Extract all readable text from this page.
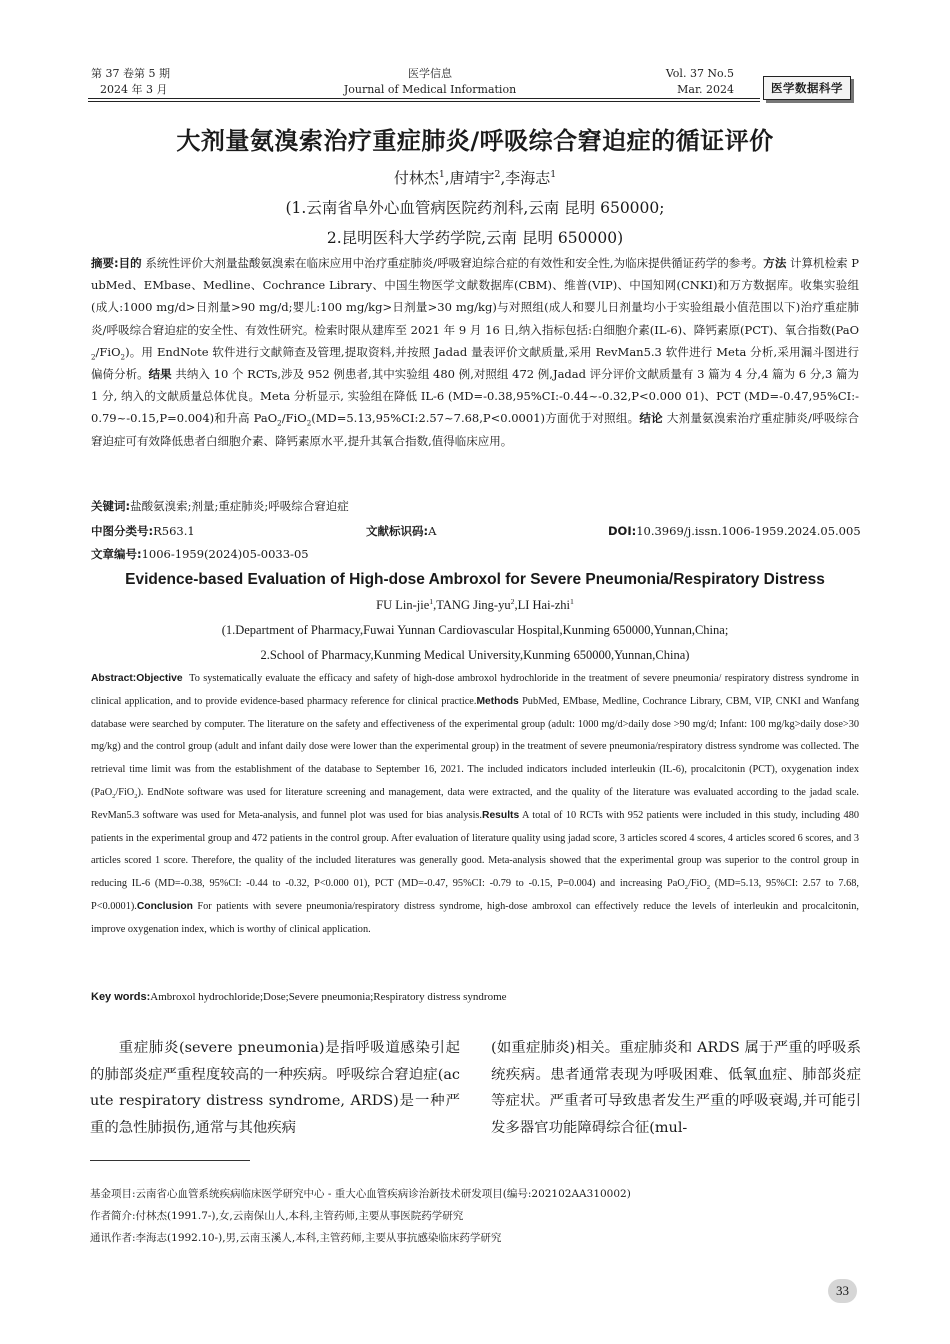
第 37 卷第 5 期
2024 年 3 月
医学信息
Journal of Medical Information
Vol. 37 No.5
Mar. 2024	医学数据科学
大剂量氨溴索治疗重症肺炎/呼吸综合窘迫症的循证评价
付林杰$^1$,唐靖宇$^2$,李海志$^1$
(1.云南省阜外心血管病医院药剂科,云南 昆明 650000;
2.昆明医科大学药学院,云南 昆明 650000)

摘要:目的 系统性评价大剂量盐酸氨溴索在临床应用中治疗重症肺炎/呼吸窘迫综合症的有效性和安全性,为临床提供循证药学的参考。方法 计算机检索 PubMed、EMbase、Medline、Cochrance Library、中国生物医学文献数据库(CBM)、维普(VIP)、中国知网(CNKI)和万方数据库。收集实验组(成人:1000 mg/d>日剂量>90 mg/d;婴儿:100 mg/kg>日剂量>30 mg/kg)与对照组(成人和婴儿日剂量均小于实验组最小值范围以下)治疗重症肺炎/呼吸综合窘迫症的安全性、有效性研究。检索时限从建库至 2021 年 9 月 16 日,纳入指标包括:白细胞介素(IL-6)、降钙素原(PCT)、氧合指数(PaO$_2$/FiO$_2$)。用 EndNote 软件进行文献筛查及管理,提取资料,并按照 Jadad 量表评价文献质量,采用 RevMan5.3 软件进行 Meta 分析,采用漏斗图进行偏倚分析。结果 共纳入 10 个 RCTs,涉及 952 例患者,其中实验组 480 例,对照组 472 例,Jadad 评分评价文献质量有 3 篇为 4 分,4 篇为 6 分,3 篇为 1 分, 纳入的文献质量总体优良。Meta 分析显示, 实验组在降低 IL-6 (MD=-0.38,95%CI:-0.44~-0.32,P<0.000 01)、PCT (MD=-0.47,95%CI:-0.79~-0.15,P=0.004)和升高 PaO$_2$/FiO$_2$(MD=5.13,95%CI:2.57~7.68,P<0.0001)方面优于对照组。结论 大剂量氨溴索治疗重症肺炎/呼吸综合窘迫症可有效降低患者白细胞介素、降钙素原水平,提升其氧合指数,值得临床应用。

关键词:盐酸氨溴索;剂量;重症肺炎;呼吸综合窘迫症
中图分类号:R563.1	文献标识码:A	DOI:10.3969/j.issn.1006-1959.2024.05.005
文章编号:1006-1959(2024)05-0033-05
Evidence-based Evaluation of High-dose Ambroxol for Severe Pneumonia/Respiratory Distress
FU Lin-jie$^1$,TANG Jing-$yu^2,LI$ Hai-zhi$^1$
(1.Department of Pharmacy,Fuwai Yunnan Cardiovascular Hospital,Kunming 650000,Yunnan,China;
2.School of Pharmacy,Kunming Medical University,Kunming 650000,Yunnan,China)

Abstract:Objective To systematically evaluate the efficacy and safety of high-dose ambroxol hydrochloride in the treatment of severe pneumonia/ respiratory distress syndrome in clinical application, and to provide evidence-based pharmacy reference for clinical practice.Methods PubMed, EMbase, Medline, Cochrance Library, CBM, VIP, CNKI and Wanfang database were searched by computer. The literature on the safety and effectiveness of the experimental group (adult: 1000 mg/d>daily dose >90 mg/d; Infant: 100 mg/kg>daily dose>30 mg/kg) and the control group (adult and infant daily dose were lower than the experimental group) in the treatment of severe pneumonia/respiratory distress syndrome was collected. The retrieval time limit was from the establishment of the database to September 16, 2021. The included indicators included interleukin (IL-6), procalcitonin (PCT), oxygenation index (PaO$_2$/FiO$_2$). EndNote software was used for literature screening and management, data were extracted, and the quality of the literature was evaluated according to the jadad scale. RevMan5.3 software was used for Meta-analysis, and funnel plot was used for bias analysis.Results A total of 10 RCTs with 952 patients were included in this study, including 480 patients in the experimental group and 472 patients in the control group. After evaluation of literature quality using jadad score, 3 articles scored 4 scores, 4 articles scored 6 scores, and 3 articles scored 1 score. Therefore, the quality of the included literatures was generally good. Meta-analysis showed that the experimental group was superior to the control group in reducing IL-6 (MD=-0.38, 95%CI: -0.44 to -0.32, P<0.000 01), PCT (MD=-0.47, 95%CI: -0.79 to -0.15, P=0.004) and increasing PaO$_2$/FiO$_2$ (MD=5.13, 95%CI: 2.57 to 7.68, P<0.0001).Conclusion For patients with severe pneumonia/respiratory distress syndrome, high-dose ambroxol can effectively reduce the levels of interleukin and procalcitonin, improve oxygenation index, which is worthy of clinical application.

Key words:Ambroxol hydrochloride;Dose;Severe pneumonia;Respiratory distress syndrome

重症肺炎(severe pneumonia)是指呼吸道感染引起的肺部炎症严重程度较高的一种疾病。呼吸综合窘迫症(acute respiratory distress syndrome, ARDS)是一种严重的急性肺损伤,通常与其他疾病

(如重症肺炎)相关。重症肺炎和 ARDS 属于严重的呼吸系统疾病。患者通常表现为呼吸困难、低氧血症、肺部炎症等症状。严重者可导致患者发生严重的呼吸衰竭,并可能引发多器官功能障碍综合征(mul-

基金项目:云南省心血管系统疾病临床医学研究中心 - 重大心血管疾病诊治新技术研发项目(编号:202102AA310002)
作者简介:付林杰(1991.7-),女,云南保山人,本科,主管药师,主要从事医院药学研究
通讯作者:李海志(1992.10-),男,云南玉溪人,本科,主管药师,主要从事抗感染临床药学研究
33
